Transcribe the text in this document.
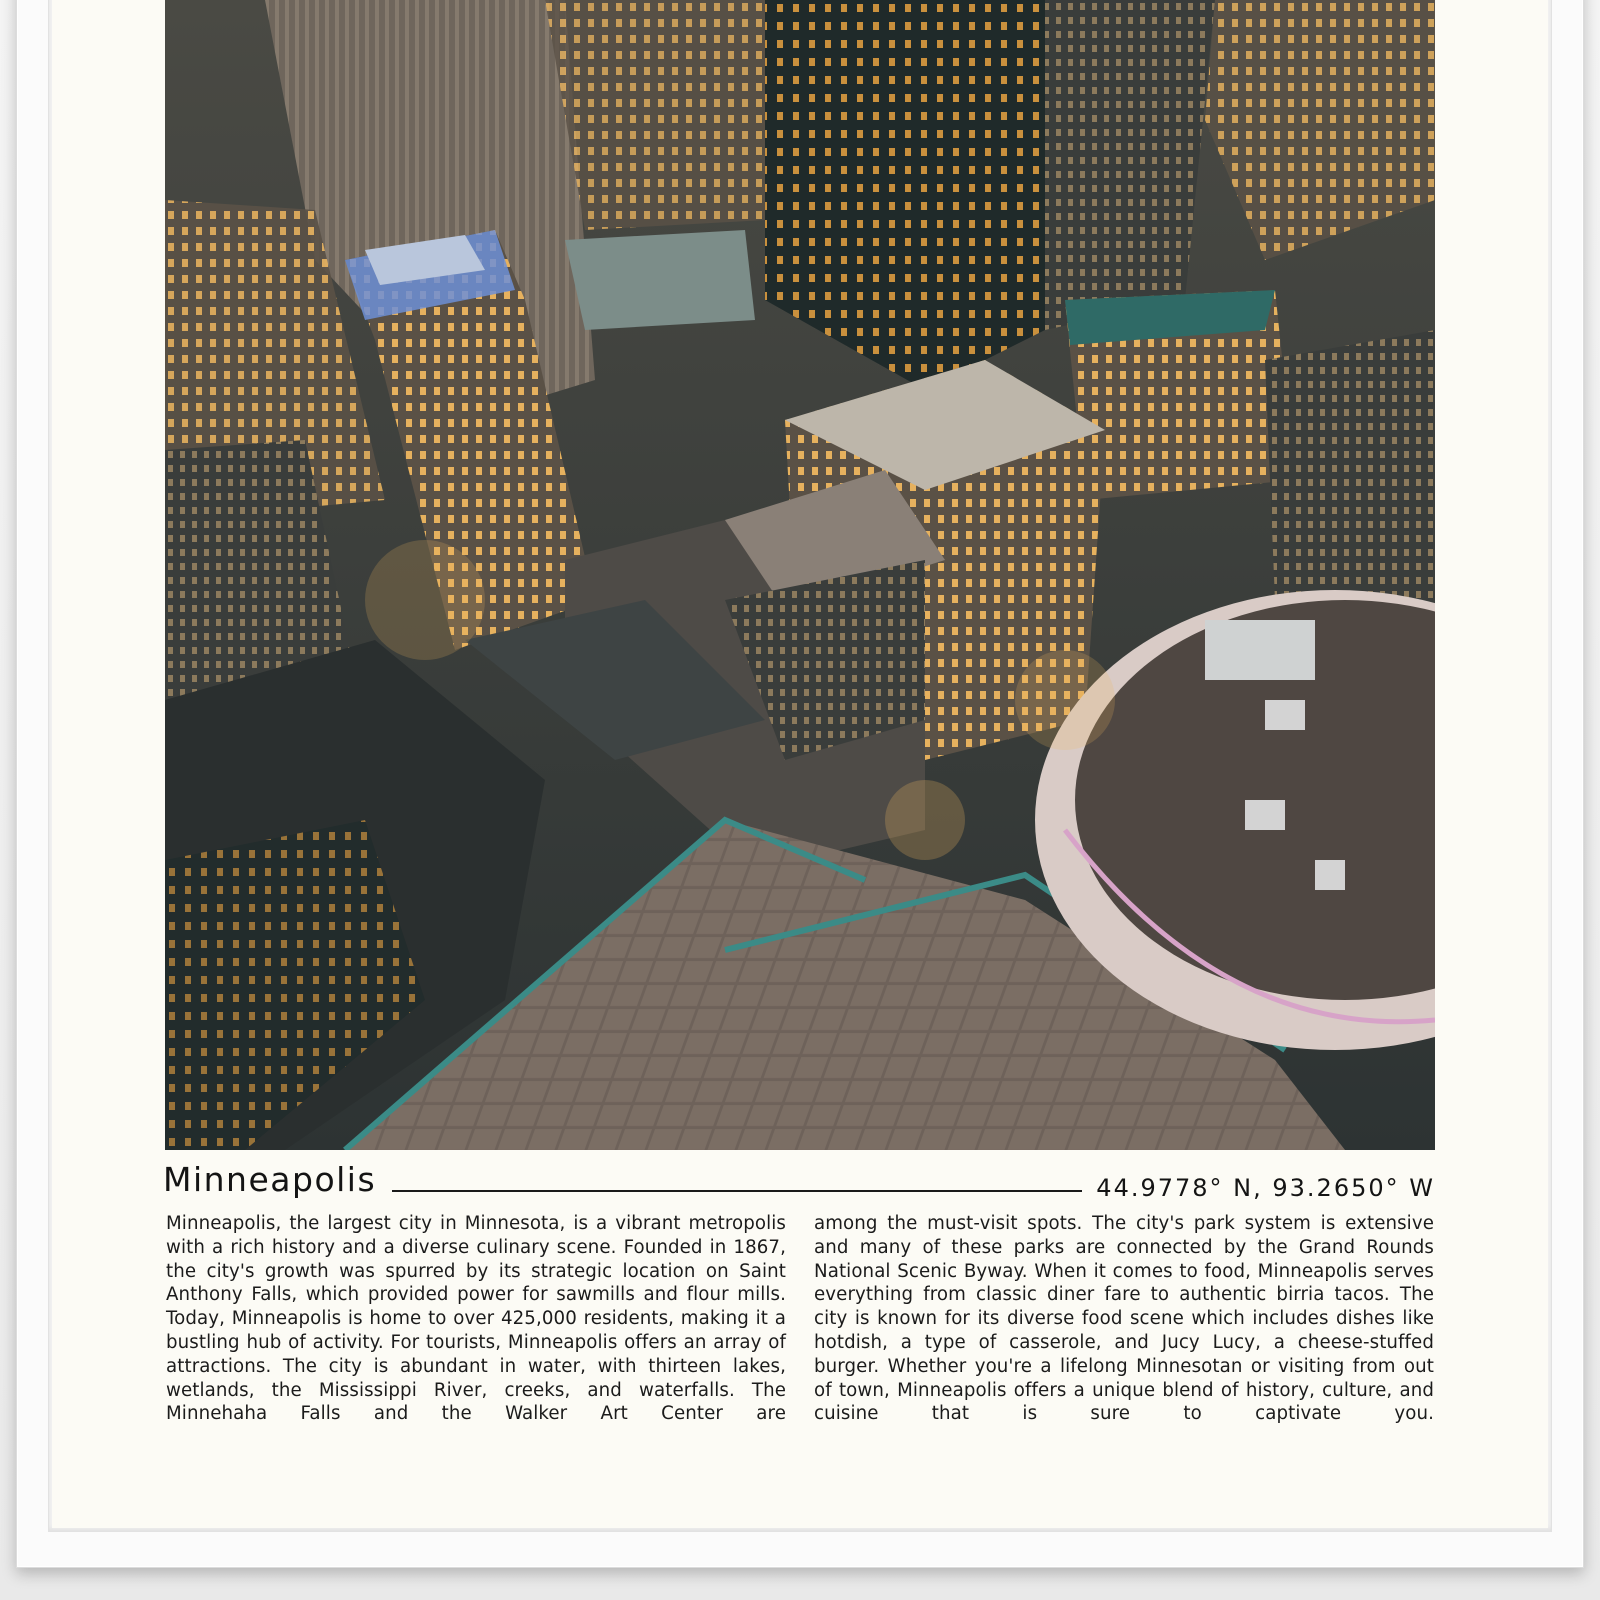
Minneapolis	44.9778° N, 93.2650° W
Minneapolis, the largest city in Minnesota, is a vibrant metropolis with a rich history and a diverse culinary scene. Founded in 1867, the city's growth was spurred by its strategic location on Saint Anthony Falls, which provided power for sawmills and flour mills. Today, Minneapolis is home to over 425,000 residents, making it a bustling hub of activity. For tourists, Minneapolis offers an array of attractions. The city is abundant in water, with thirteen lakes, wetlands, the Mississippi River, creeks, and waterfalls. The Minnehaha Falls and the Walker Art Center are
among the must-visit spots. The city's park system is extensive and many of these parks are connected by the Grand Rounds National Scenic Byway. When it comes to food, Minneapolis serves everything from classic diner fare to authentic birria tacos. The city is known for its diverse food scene which includes dishes like hotdish, a type of casserole, and Jucy Lucy, a cheese-stuffed burger. Whether you're a lifelong Minnesotan or visiting from out of town, Minneapolis offers a unique blend of history, culture, and cuisine that is sure to captivate you.
